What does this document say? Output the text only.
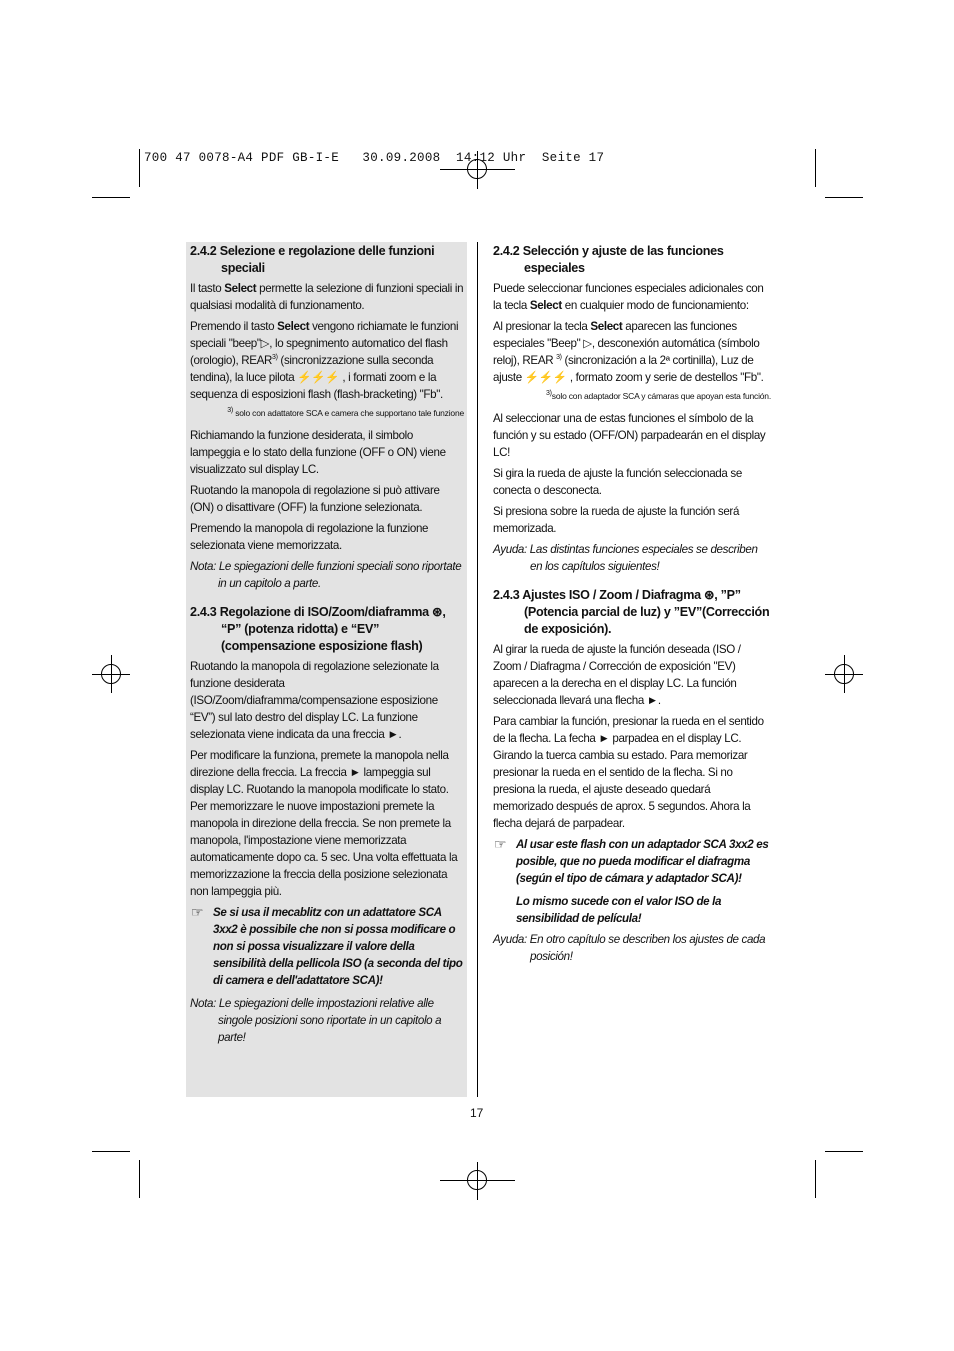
700 47 0078-A4 PDF GB-I-E   30.09.2008  14:12 Uhr  Seite 17
2.4.2 Selezione e regolazione delle funzioni speciali

Il tasto Select permette la selezione di funzioni speciali in qualsiasi modalità di funzionamento.

Premendo il tasto Select vengono richiamate le funzioni speciali "beep"▷, lo spegnimento automatico del flash (orologio), REAR$^{3)}$ (sincronizzazione sulla seconda tendina), la luce pilota ⚡⚡⚡ , i formati zoom e la sequenza di esposizioni flash (flash-bracketing) "Fb".

$^{3)}$ solo con adattatore SCA e camera che supportano tale funzione

Richiamando la funzione desiderata, il simbolo lampeggia e lo stato della funzione (OFF o ON) viene visualizzato sul display LC.

Ruotando la manopola di regolazione si può attivare (ON) o disattivare (OFF) la funzione selezionata.

Premendo la manopola di regolazione la funzione selezionata viene memorizzata.

Nota: Le spiegazioni delle funzioni speciali sono riportate in un capitolo a parte.

2.4.3 Regolazione di ISO/Zoom/diaframma ⊛, “P” (potenza ridotta) e “EV” (compensazione esposizione flash)

Ruotando la manopola di regolazione selezionate la funzione desiderata (ISO/Zoom/diaframma/compensazione esposizione “EV”) sul lato destro del display LC. La funzione selezionata viene indicata da una freccia ►.

Per modificare la funziona, premete la manopola nella direzione della freccia. La freccia ► lampeggia sul display LC. Ruotando la manopola modificate lo stato. Per memorizzare le nuove impostazioni premete la manopola in direzione della freccia. Se non premete la manopola, l'impostazione viene memorizzata automaticamente dopo ca. 5 sec. Una volta effettuata la memorizzazione la freccia della posizione selezionata non lampeggia più.

☞ Se si usa il mecablitz con un adattatore SCA 3xx2 è possibile che non si possa modificare o non si possa visualizzare il valore della sensibilità della pellicola ISO (a seconda del tipo di camera e dell'adattatore SCA)!

Nota: Le spiegazioni delle impostazioni relative alle singole posizioni sono riportate in un capitolo a parte!

2.4.2 Selección y ajuste de las funciones especiales

Puede seleccionar funciones especiales adicionales con la tecla Select en cualquier modo de funcionamiento:

Al presionar la tecla Select aparecen las funciones especiales "Beep" ▷, desconexión automática (símbolo reloj), REAR $^{3)}$ (sincronización a la 2ª cortinilla), Luz de ajuste ⚡⚡⚡ , formato zoom y serie de destellos "Fb".

$^{3)}$solo con adaptador SCA y cámaras que apoyan esta función.

Al seleccionar una de estas funciones el símbolo de la función y su estado (OFF/ON) parpadearán en el display LC!

Si gira la rueda de ajuste la función seleccionada se conecta o desconecta.

Si presiona sobre la rueda de ajuste la función será memorizada.

Ayuda: Las distintas funciones especiales se describen en los capítulos siguientes!

2.4.3 Ajustes ISO / Zoom / Diafragma ⊛, ”P” (Potencia parcial de luz) y ”EV”(Corrección de exposición).

Al girar la rueda de ajuste la función deseada (ISO / Zoom / Diafragma / Corrección de exposición "EV) aparecen a la derecha en el display LC. La función seleccionada llevará una flecha ►.

Para cambiar la función, presionar la rueda en el sentido de la flecha. La fecha ► parpadea en el display LC. Girando la tuerca cambia su estado. Para memorizar presionar la rueda en el sentido de la flecha. Si no presiona la rueda, el ajuste deseado quedará memorizado después de aprox. 5 segundos. Ahora la flecha dejará de parpadear.

☞ Al usar este flash con un adaptador SCA 3xx2 es posible, que no pueda modificar el diafragma (según el tipo de cámara y adaptador SCA)!

Lo mismo sucede con el valor ISO de la sensibilidad de película!

Ayuda: En otro capítulo se describen los ajustes de cada posición!

17
